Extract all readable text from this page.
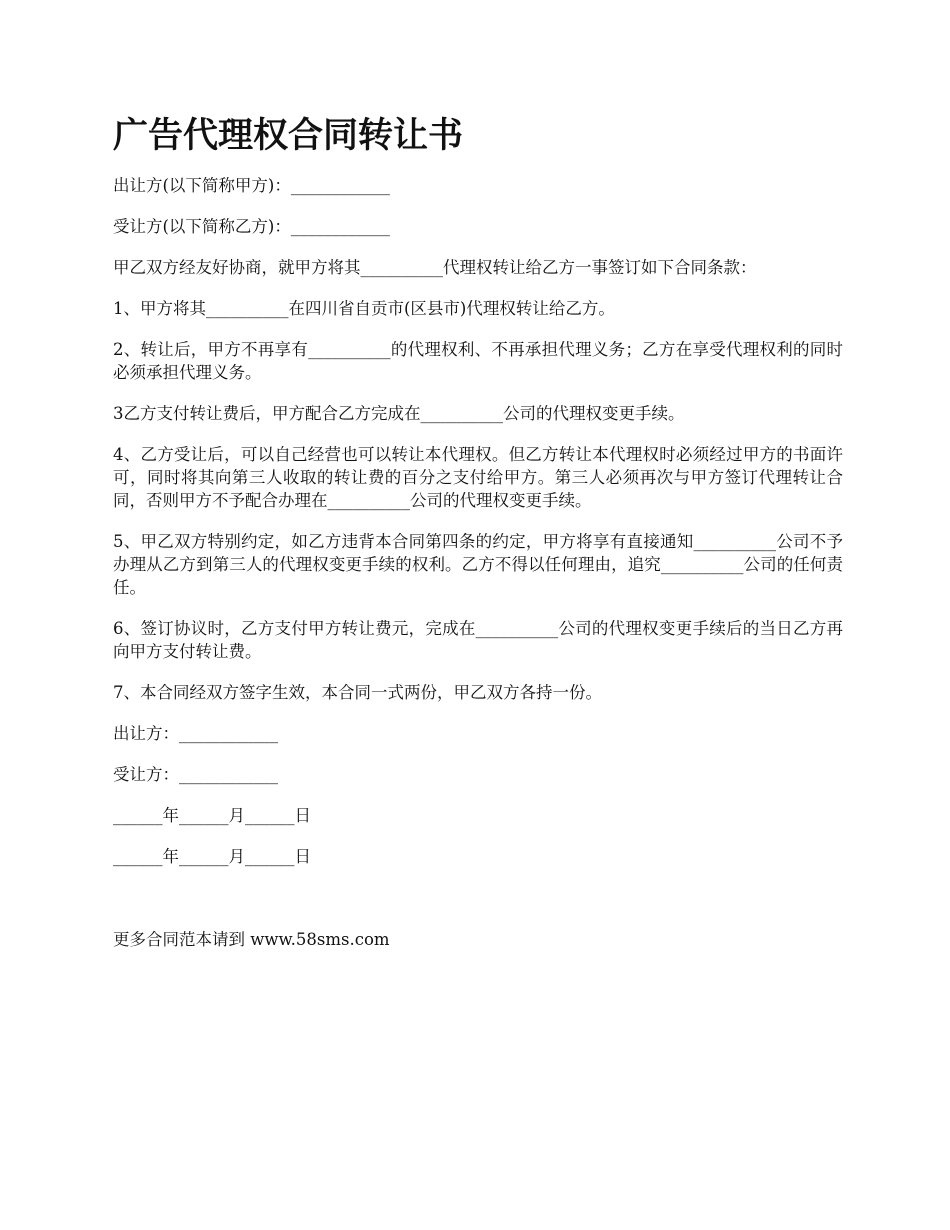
广告代理权合同转让书

出让方(以下简称甲方)：____________

受让方(以下简称乙方)：____________

甲乙双方经友好协商，就甲方将其__________代理权转让给乙方一事签订如下合同条款：

1、甲方将其__________在四川省自贡市(区县市)代理权转让给乙方。

2、转让后，甲方不再享有__________的代理权利、不再承担代理义务；乙方在享受代理权利的同时必须承担代理义务。

3乙方支付转让费后，甲方配合乙方完成在__________公司的代理权变更手续。

4、乙方受让后，可以自己经营也可以转让本代理权。但乙方转让本代理权时必须经过甲方的书面许可，同时将其向第三人收取的转让费的百分之支付给甲方。第三人必须再次与甲方签订代理转让合同，否则甲方不予配合办理在__________公司的代理权变更手续。

5、甲乙双方特别约定，如乙方违背本合同第四条的约定，甲方将享有直接通知__________公司不予办理从乙方到第三人的代理权变更手续的权利。乙方不得以任何理由，追究__________公司的任何责任。

6、签订协议时，乙方支付甲方转让费元，完成在__________公司的代理权变更手续后的当日乙方再向甲方支付转让费。

7、本合同经双方签字生效，本合同一式两份，甲乙双方各持一份。

出让方：____________

受让方：____________

______年______月______日

______年______月______日

更多合同范本请到 www.58sms.com
